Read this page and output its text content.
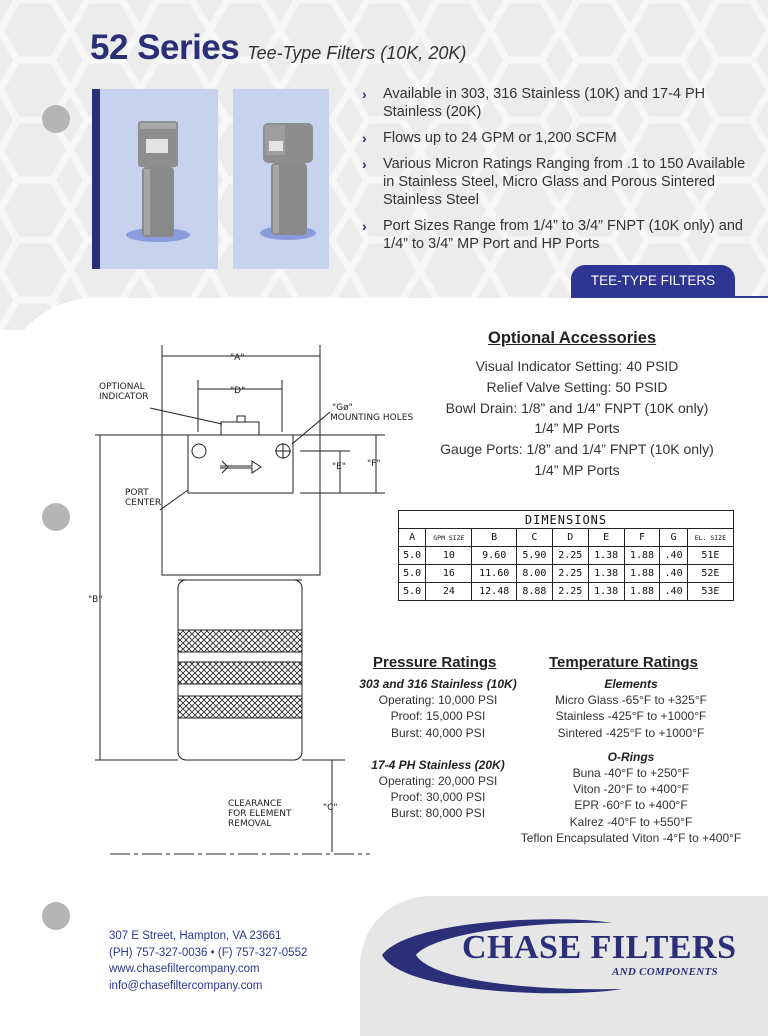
52 Series Tee-Type Filters (10K, 20K)
› Available in 303, 316 Stainless (10K) and 17-4 PH Stainless (20K)
› Flows up to 24 GPM or 1,200 SCFM
› Various Micron Ratings Ranging from .1 to 150 Available in Stainless Steel, Micro Glass and Porous Sintered Stainless Steel
› Port Sizes Range from 1/4” to 3/4” FNPT (10K only) and 1/4” to 3/4” MP Port and HP Ports
TEE-TYPE FILTERS
"A"
"D"
"Gø"
MOUNTING HOLES
OPTIONAL
INDICATOR
"E" "F"
PORT
CENTER
"B"
"C"
CLEARANCE
FOR ELEMENT
REMOVAL
Optional Accessories
Visual Indicator Setting: 40 PSID
Relief Valve Setting: 50 PSID
Bowl Drain: 1/8” and 1/4” FNPT (10K only)
1/4” MP Ports
Gauge Ports: 1/8” and 1/4” FNPT (10K only)
1/4” MP Ports
DIMENSIONS								
A	GPM SIZE	B	C	D	E	F	G	EL. SIZE
5.0	10	9.60	5.90	2.25	1.38	1.88	.40	51E
5.0	16	11.60	8.00	2.25	1.38	1.88	.40	52E
5.0	24	12.48	8.88	2.25	1.38	1.88	.40	53E
Pressure Ratings
303 and 316 Stainless (10K)
Operating: 10,000 PSI
Proof: 15,000 PSI
Burst: 40,000 PSI
17-4 PH Stainless (20K)
Operating: 20,000 PSI
Proof: 30,000 PSI
Burst: 80,000 PSI
Temperature Ratings
Elements
Micro Glass -65°F to +325°F
Stainless -425°F to +1000°F
Sintered -425°F to +1000°F
O-Rings
Buna -40°F to +250°F
Viton -20°F to +400°F
EPR -60°F to +400°F
Kalrez -40°F to +550°F
Teflon Encapsulated Viton -4°F to +400°F
307 E Street, Hampton, VA 23661
(PH) 757-327-0036 • (F) 757-327-0552
www.chasefiltercompany.com
info@chasefiltercompany.com
CHASE FILTERS
AND COMPONENTS
